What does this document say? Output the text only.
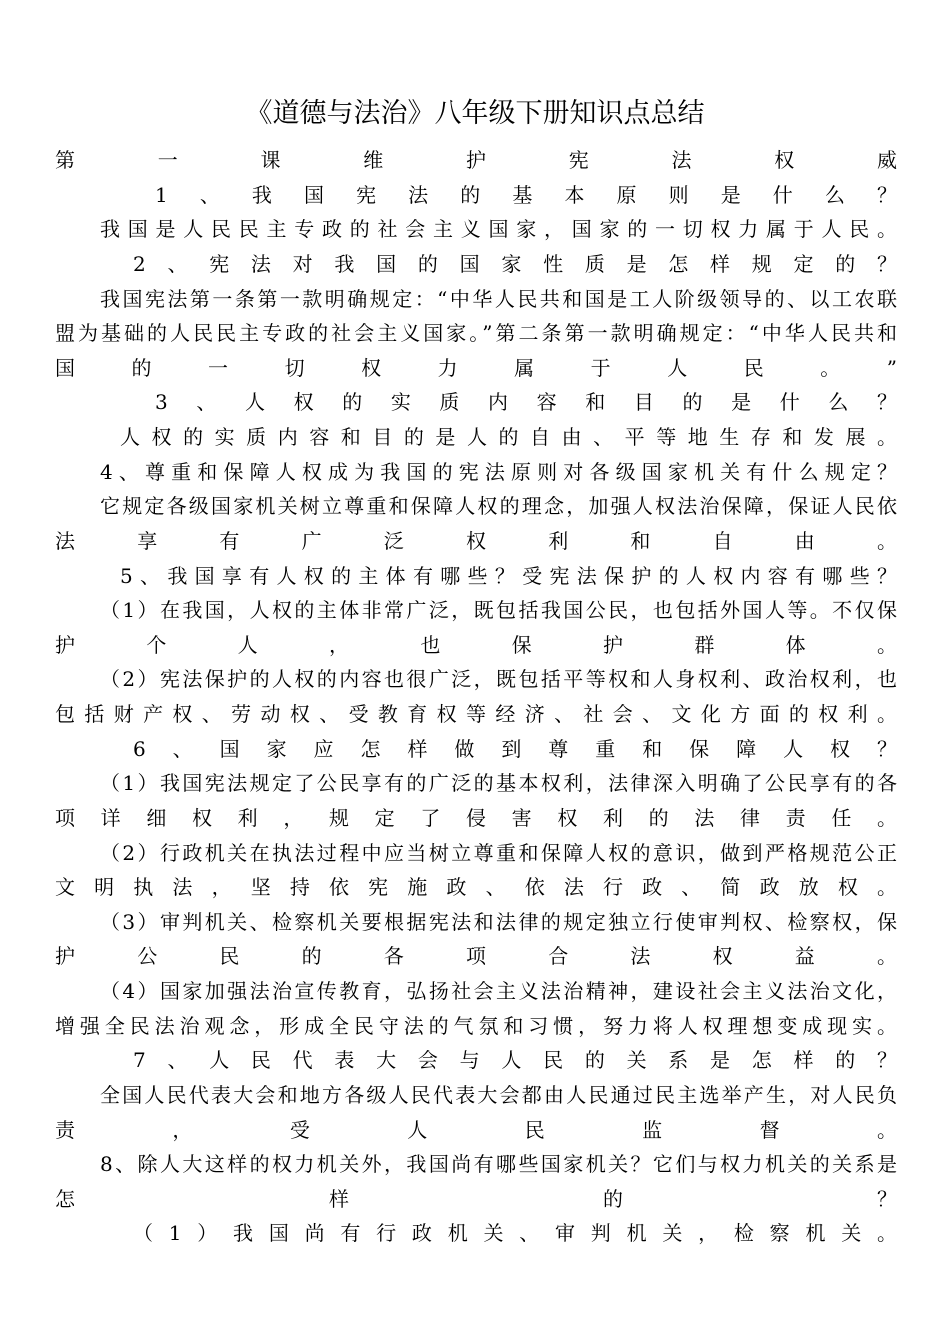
《道德与法治》八年级下册知识点总结
第　一　课　维　护　宪　法　权　威
1、我国宪法的基本原则是什么？
我国是人民民主专政的社会主义国家，国家的一切权力属于人民。
2、宪法对我国的国家性质是怎样规定的？
我国宪法第一条第一款明确规定：“中华人民共和国是工人阶级领导的、以工农联
盟为基础的人民民主专政的社会主义国家。”第二条第一款明确规定：“中华人民共和
国的一切权力属于人民。”
3、人权的实质内容和目的是什么？
人权的实质内容和目的是人的自由、平等地生存和发展。
4、尊重和保障人权成为我国的宪法原则对各级国家机关有什么规定？
它规定各级国家机关树立尊重和保障人权的理念，加强人权法治保障，保证人民依
法享有广泛权利和自由。
5、我国享有人权的主体有哪些？受宪法保护的人权内容有哪些？
（1）在我国，人权的主体非常广泛，既包括我国公民，也包括外国人等。不仅保
护个人，也保护群体。
（2）宪法保护的人权的内容也很广泛，既包括平等权和人身权利、政治权利，也
包括财产权、劳动权、受教育权等经济、社会、文化方面的权利。
6、国家应怎样做到尊重和保障人权？
（1）我国宪法规定了公民享有的广泛的基本权利，法律深入明确了公民享有的各
项详细权利，规定了侵害权利的法律责任。
（2）行政机关在执法过程中应当树立尊重和保障人权的意识，做到严格规范公正
文明执法，坚持依宪施政、依法行政、简政放权。
（3）审判机关、检察机关要根据宪法和法律的规定独立行使审判权、检察权，保
护公民的各项合法权益。
（4）国家加强法治宣传教育，弘扬社会主义法治精神，建设社会主义法治文化，
增强全民法治观念，形成全民守法的气氛和习惯，努力将人权理想变成现实。
7、人民代表大会与人民的关系是怎样的？
全国人民代表大会和地方各级人民代表大会都由人民通过民主选举产生，对人民负
责，受人民监督。
8、除人大这样的权力机关外，我国尚有哪些国家机关？它们与权力机关的关系是
怎样的？
（1）我国尚有行政机关、审判机关，检察机关。
